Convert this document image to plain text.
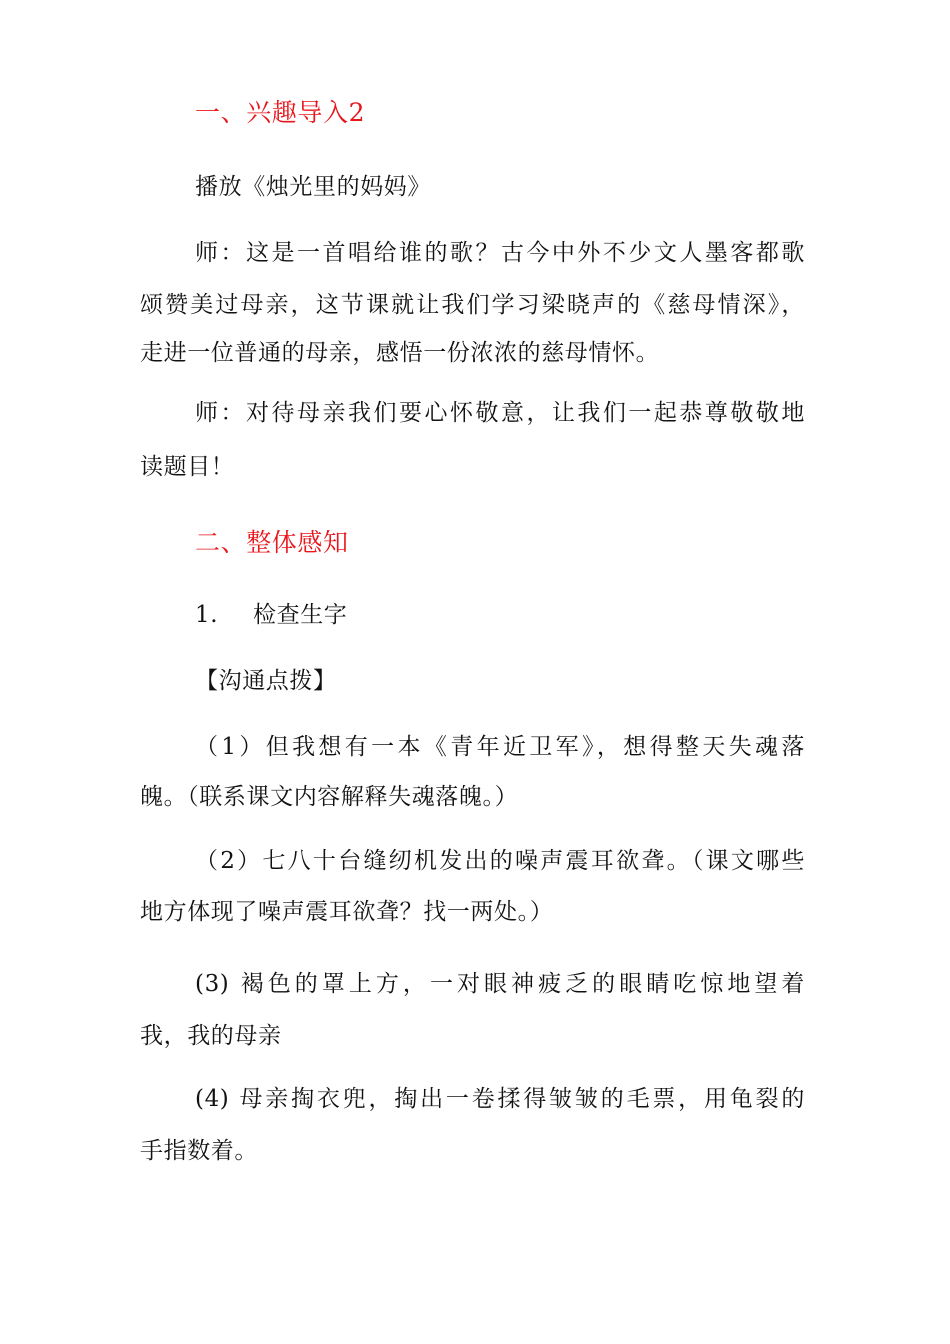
一、兴趣导入2
播放《烛光里的妈妈》
师：这是一首唱给谁的歌？古今中外不少文人墨客都歌
颂赞美过母亲，这节课就让我们学习梁晓声的《慈母情深》，
走进一位普通的母亲，感悟一份浓浓的慈母情怀。
师：对待母亲我们要心怀敬意，让我们一起恭尊敬敬地
读题目！
二、整体感知
1. 检查生字
【沟通点拨】
（1）但我想有一本《青年近卫军》，想得整天失魂落
魄。（联系课文内容解释失魂落魄。）
（2）七八十台缝纫机发出的噪声震耳欲聋。（课文哪些
地方体现了噪声震耳欲聋？找一两处。）
(3) 褐色的罩上方，一对眼神疲乏的眼睛吃惊地望着
我，我的母亲
(4) 母亲掏衣兜，掏出一卷揉得皱皱的毛票，用龟裂的
手指数着。
